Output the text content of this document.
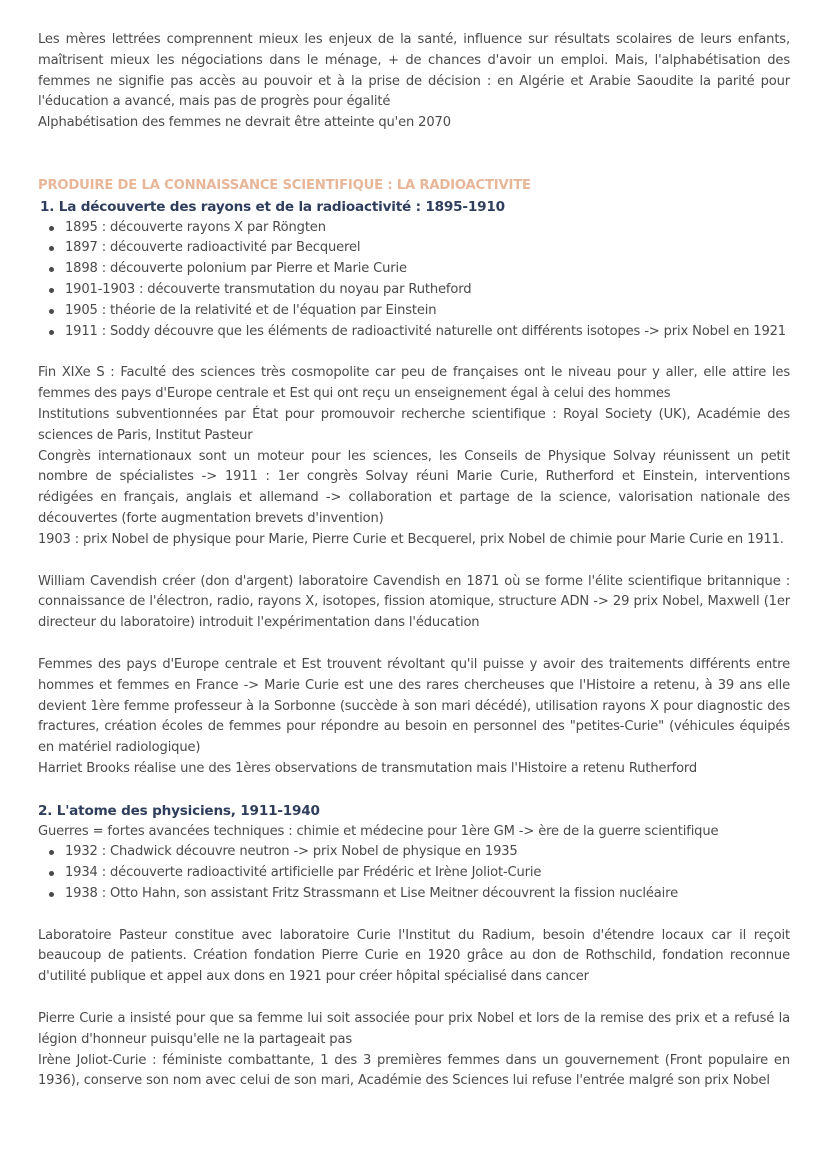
Les mères lettrées comprennent mieux les enjeux de la santé, influence sur résultats scolaires de leurs enfants, maîtrisent mieux les négociations dans le ménage, + de chances d'avoir un emploi. Mais, l'alphabétisation des femmes ne signifie pas accès au pouvoir et à la prise de décision : en Algérie et Arabie Saoudite la parité pour l'éducation a avancé, mais pas de progrès pour égalité

Alphabétisation des femmes ne devrait être atteinte qu'en 2070

PRODUIRE DE LA CONNAISSANCE SCIENTIFIQUE : LA RADIOACTIVITE
1. La découverte des rayons et de la radioactivité : 1895-1910
1895 : découverte rayons X par Röngten
1897 : découverte radioactivité par Becquerel
1898 : découverte polonium par Pierre et Marie Curie
1901-1903 : découverte transmutation du noyau par Rutheford
1905 : théorie de la relativité et de l'équation par Einstein
1911 : Soddy découvre que les éléments de radioactivité naturelle ont différents isotopes -> prix Nobel en 1921

Fin XIXe S : Faculté des sciences très cosmopolite car peu de françaises ont le niveau pour y aller, elle attire les femmes des pays d'Europe centrale et Est qui ont reçu un enseignement égal à celui des hommes

Institutions subventionnées par État pour promouvoir recherche scientifique : Royal Society (UK), Académie des sciences de Paris, Institut Pasteur

Congrès internationaux sont un moteur pour les sciences, les Conseils de Physique Solvay réunissent un petit nombre de spécialistes -> 1911 : 1er congrès Solvay réuni Marie Curie, Rutherford et Einstein, interventions rédigées en français, anglais et allemand -> collaboration et partage de la science, valorisation nationale des découvertes (forte augmentation brevets d'invention)

1903 : prix Nobel de physique pour Marie, Pierre Curie et Becquerel, prix Nobel de chimie pour Marie Curie en 1911.

William Cavendish créer (don d'argent) laboratoire Cavendish en 1871 où se forme l'élite scientifique britannique : connaissance de l'électron, radio, rayons X, isotopes, fission atomique, structure ADN -> 29 prix Nobel, Maxwell (1er directeur du laboratoire) introduit l'expérimentation dans l'éducation

Femmes des pays d'Europe centrale et Est trouvent révoltant qu'il puisse y avoir des traitements différents entre hommes et femmes en France -> Marie Curie est une des rares chercheuses que l'Histoire a retenu, à 39 ans elle devient 1ère femme professeur à la Sorbonne (succède à son mari décédé), utilisation rayons X pour diagnostic des fractures, création écoles de femmes pour répondre au besoin en personnel des "petites-Curie" (véhicules équipés en matériel radiologique)

Harriet Brooks réalise une des 1ères observations de transmutation mais l'Histoire a retenu Rutherford

2. L'atome des physiciens, 1911-1940

Guerres = fortes avancées techniques : chimie et médecine pour 1ère GM -> ère de la guerre scientifique

1932 : Chadwick découvre neutron -> prix Nobel de physique en 1935
1934 : découverte radioactivité artificielle par Frédéric et Irène Joliot-Curie
1938 : Otto Hahn, son assistant Fritz Strassmann et Lise Meitner découvrent la fission nucléaire

Laboratoire Pasteur constitue avec laboratoire Curie l'Institut du Radium, besoin d'étendre locaux car il reçoit beaucoup de patients. Création fondation Pierre Curie en 1920 grâce au don de Rothschild, fondation reconnue d'utilité publique et appel aux dons en 1921 pour créer hôpital spécialisé dans cancer

Pierre Curie a insisté pour que sa femme lui soit associée pour prix Nobel et lors de la remise des prix et a refusé la légion d'honneur puisqu'elle ne la partageait pas

Irène Joliot-Curie : féministe combattante, 1 des 3 premières femmes dans un gouvernement (Front populaire en 1936), conserve son nom avec celui de son mari, Académie des Sciences lui refuse l'entrée malgré son prix Nobel
